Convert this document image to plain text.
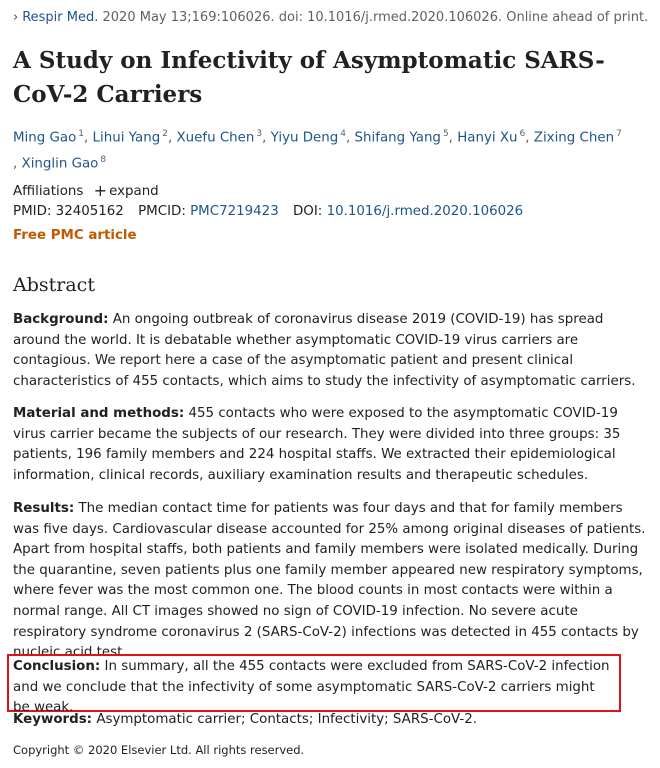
› Respir Med. 2020 May 13;169:106026. doi: 10.1016/j.rmed.2020.106026. Online ahead of print.
A Study on Infectivity of Asymptomatic SARS-CoV-2 Carriers
Ming Gao $^1$, Lihui Yang $^2$, Xuefu Chen $^3$, Yiyu Deng $^4$, Shifang Yang $^5$, Hanyi Xu $^6$, Zixing Chen $^7$
, Xinglin Gao $^8$
Affiliations + expand
PMID: 32405162 PMCID: PMC7219423 DOI: 10.1016/j.rmed.2020.106026
Free PMC article
Abstract

Background: An ongoing outbreak of coronavirus disease 2019 (COVID-19) has spread around the world. It is debatable whether asymptomatic COVID-19 virus carriers are contagious. We report here a case of the asymptomatic patient and present clinical characteristics of 455 contacts, which aims to study the infectivity of asymptomatic carriers.

Material and methods: 455 contacts who were exposed to the asymptomatic COVID-19 virus carrier became the subjects of our research. They were divided into three groups: 35 patients, 196 family members and 224 hospital staffs. We extracted their epidemiological information, clinical records, auxiliary examination results and therapeutic schedules.

Results: The median contact time for patients was four days and that for family members was five days. Cardiovascular disease accounted for 25% among original diseases of patients. Apart from hospital staffs, both patients and family members were isolated medically. During the quarantine, seven patients plus one family member appeared new respiratory symptoms, where fever was the most common one. The blood counts in most contacts were within a normal range. All CT images showed no sign of COVID-19 infection. No severe acute respiratory syndrome coronavirus 2 (SARS-CoV-2) infections was detected in 455 contacts by nucleic acid test.

Conclusion: In summary, all the 455 contacts were excluded from SARS-CoV-2 infection and we conclude that the infectivity of some asymptomatic SARS-CoV-2 carriers might be weak.

Keywords: Asymptomatic carrier; Contacts; Infectivity; SARS-CoV-2.
Copyright © 2020 Elsevier Ltd. All rights reserved.
